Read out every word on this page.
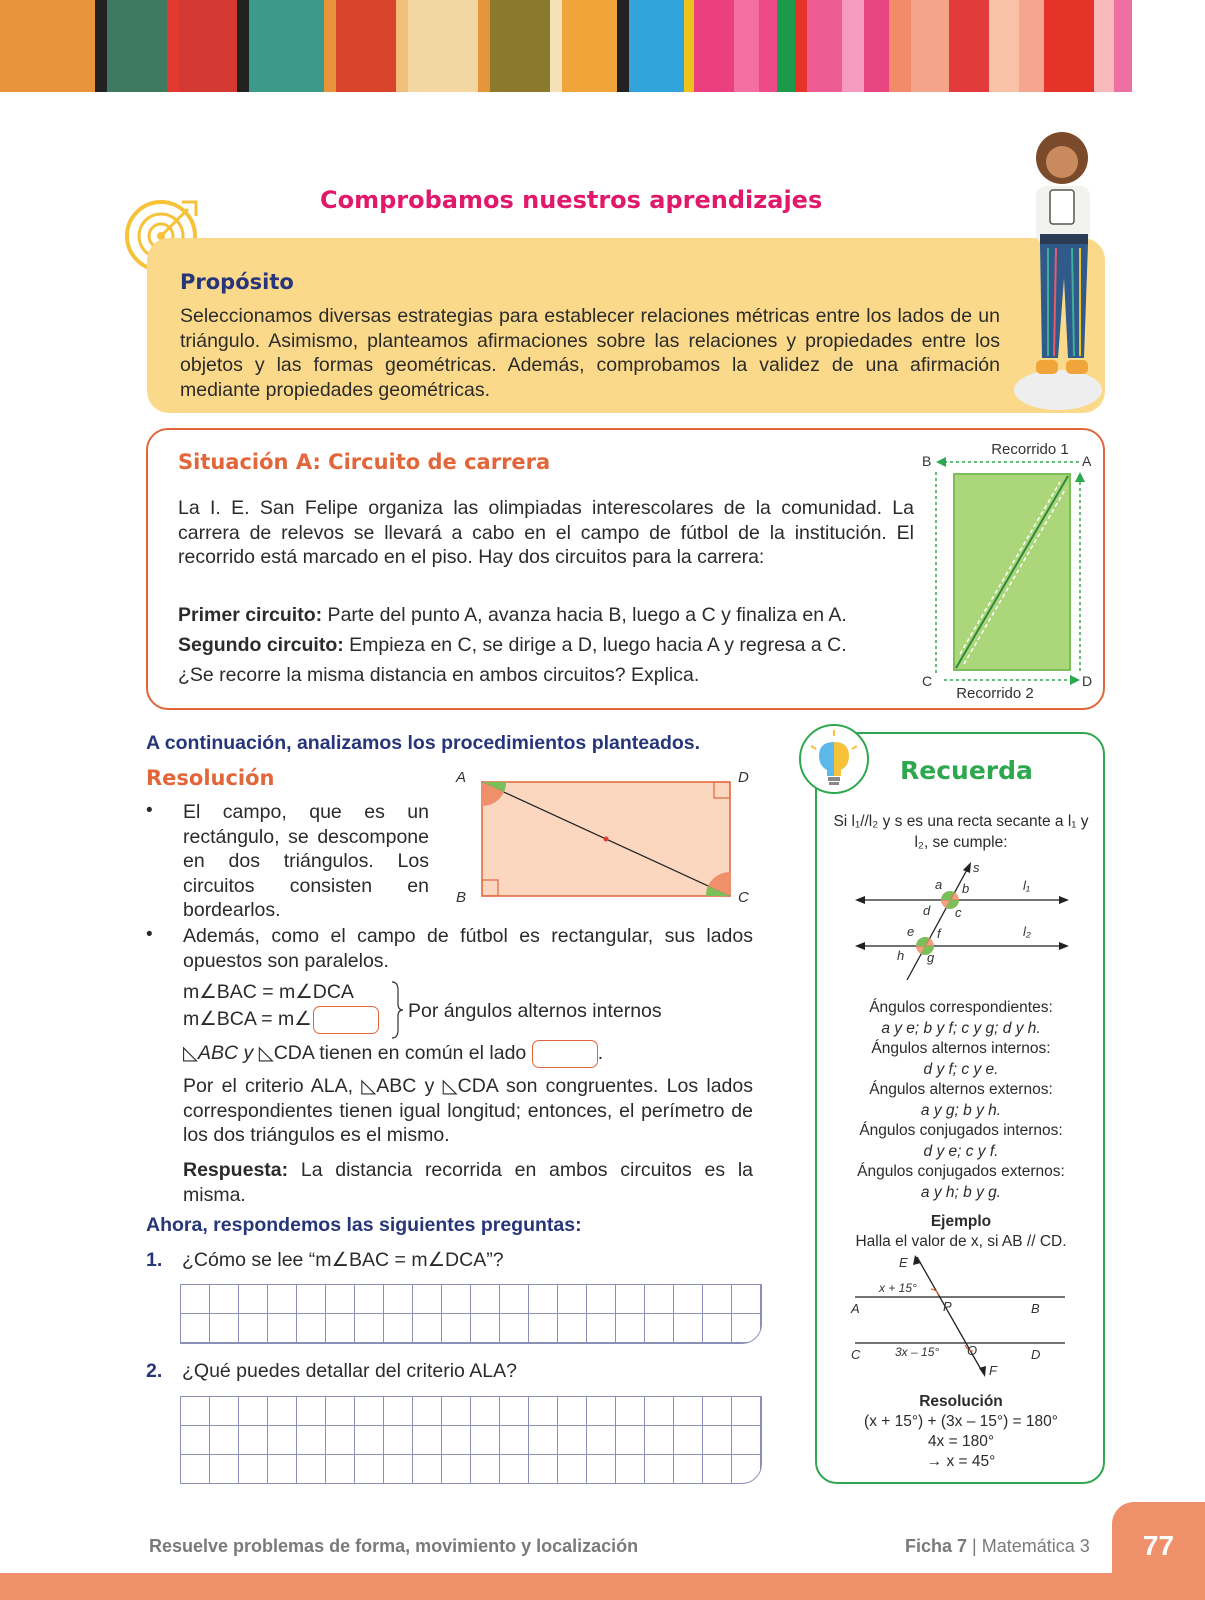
Comprobamos nuestros aprendizajes
Propósito
Seleccionamos diversas estrategias para establecer relaciones métricas entre los lados de un triángulo. Asimismo, planteamos afirmaciones sobre las relaciones y propiedades entre los objetos y las formas geométricas. Además, comprobamos la validez de una afirmación mediante propiedades geométricas.
Situación A: Circuito de carrera
La I. E. San Felipe organiza las olimpiadas interescolares de la comunidad. La carrera de relevos se llevará a cabo en el campo de fútbol de la institución. El recorrido está marcado en el piso. Hay dos circuitos para la carrera:
Primer circuito: Parte del punto A, avanza hacia B, luego a C y finaliza en A.
Segundo circuito: Empieza en C, se dirige a D, luego hacia A y regresa a C.
¿Se recorre la misma distancia en ambos circuitos? Explica.
Recorrido 1
B	A
C	D
Recorrido 2
A continuación, analizamos los procedimientos planteados.
Resolución
• El campo, que es un rectángulo, se descompone en dos triángulos. Los circuitos consisten en bordearlos.
• Además, como el campo de fútbol es rectangular, sus lados opuestos son paralelos.
A	D
B	C
m∠BAC = m∠DCA
m∠BCA = m∠	Por ángulos alternos internos
◺ABC y ◺CDA tienen en común el lado	.
Por el criterio ALA, ◺ABC y ◺CDA son congruentes. Los lados correspondientes tienen igual longitud; entonces, el perímetro de los dos triángulos es el mismo.
Respuesta: La distancia recorrida en ambos circuitos es la misma.
Ahora, respondemos las siguientes preguntas:
1. ¿Cómo se lee “m∠BAC = m∠DCA”?
2. ¿Qué puedes detallar del criterio ALA?
Recuerda
Si l₁//l₂ y s es una recta secante a l₁ y l₂, se cumple:
s
l₁
l₂
a b
c
d
e f
g
h
Ángulos correspondientes:
a y e; b y f; c y g; d y h.
Ángulos alternos internos:
d y f; c y e.
Ángulos alternos externos:
a y g; b y h.
Ángulos conjugados internos:
d y e; c y f.
Ángulos conjugados externos:
a y h; b y g.
Ejemplo
Halla el valor de x, si AB // CD.
E
x + 15°
P
A	B
C	3x – 15° O	D
F
Resolución
(x + 15°) + (3x – 15°) = 180°
4x = 180°
→ x = 45°
Resuelve problemas de forma, movimiento y localización	Ficha 7 | Matemática 3	77
